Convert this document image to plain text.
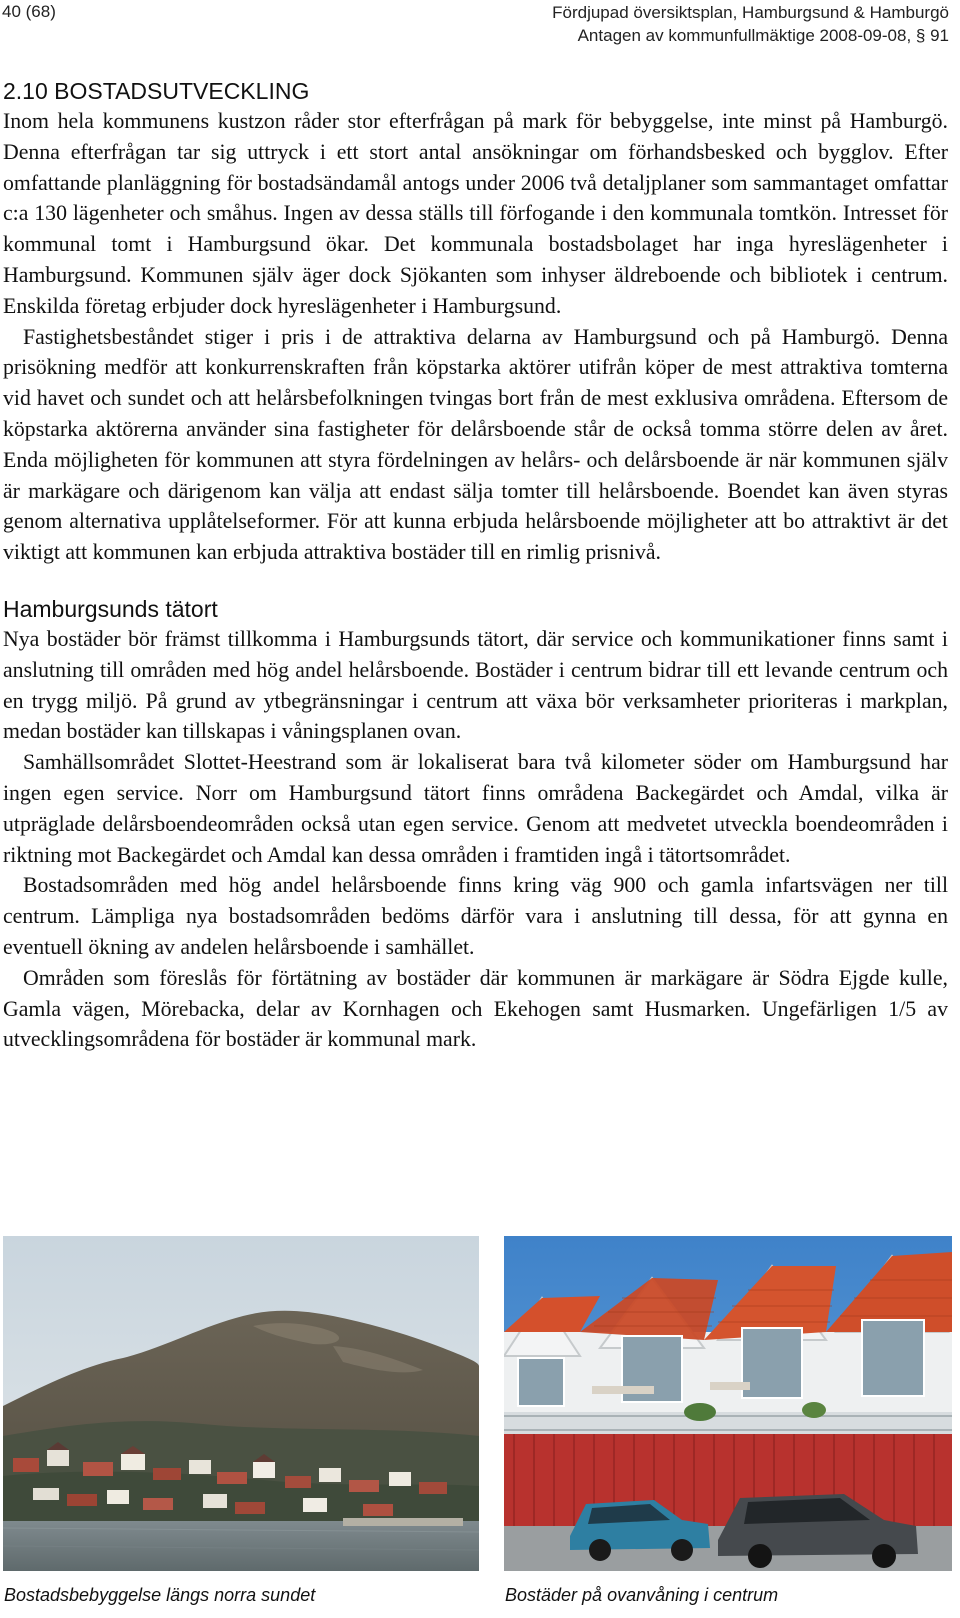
40 (68)	Fördjupad översiktsplan, Hamburgsund & Hamburgö
Antagen av kommunfullmäktige 2008-09-08, § 91
2.10 BOSTADSUTVECKLING

Inom hela kommunens kustzon råder stor efterfrågan på mark för bebyggelse, inte minst på Hamburgö. Denna efterfrågan tar sig uttryck i ett stort antal ansökningar om förhandsbesked och bygglov. Efter omfattande planläggning för bostadsändamål antogs under 2006 två detaljplaner som sammantaget omfattar c:a 130 lägenheter och småhus. Ingen av dessa ställs till förfogande i den kommunala tomtkön. Intresset för kommunal tomt i Hamburgsund ökar. Det kommunala bostadsbolaget har inga hyreslägenheter i Hamburgsund. Kommunen själv äger dock Sjökanten som inhyser äldreboende och bibliotek i centrum. Enskilda företag erbjuder dock hyreslägenheter i Hamburgsund.

Fastighetsbeståndet stiger i pris i de attraktiva delarna av Hamburgsund och på Hamburgö. Denna prisökning medför att konkurrenskraften från köpstarka aktörer utifrån köper de mest attraktiva tomterna vid havet och sundet och att helårsbefolkningen tvingas bort från de mest exklusiva områdena. Eftersom de köpstarka aktörerna använder sina fastigheter för delårsboende står de också tomma större delen av året. Enda möjligheten för kommunen att styra fördelningen av helårs- och delårsboende är när kommunen själv är markägare och därigenom kan välja att endast sälja tomter till helårsboende. Boendet kan även styras genom alternativa upplåtelseformer. För att kunna erbjuda helårsboende möjligheter att bo attraktivt är det viktigt att kommunen kan erbjuda attraktiva bostäder till en rimlig prisnivå.

Hamburgsunds tätort

Nya bostäder bör främst tillkomma i Hamburgsunds tätort, där service och kommunikationer finns samt i anslutning till områden med hög andel helårsboende. Bostäder i centrum bidrar till ett levande centrum och en trygg miljö. På grund av ytbegränsningar i centrum att växa bör verksamheter prioriteras i markplan, medan bostäder kan tillskapas i våningsplanen ovan.

Samhällsområdet Slottet-Heestrand som är lokaliserat bara två kilometer söder om Hamburgsund har ingen egen service. Norr om Hamburgsund tätort finns områdena Backegärdet och Amdal, vilka är utpräglade delårsboendeområden också utan egen service. Genom att medvetet utveckla boendeområden i riktning mot Backegärdet och Amdal kan dessa områden i framtiden ingå i tätortsområdet.

Bostadsområden med hög andel helårsboende finns kring väg 900 och gamla infartsvägen ner till centrum. Lämpliga nya bostadsområden bedöms därför vara i anslutning till dessa, för att gynna en eventuell ökning av andelen helårsboende i samhället.

Områden som föreslås för förtätning av bostäder där kommunen är markägare är Södra Ejgde kulle, Gamla vägen, Mörebacka, delar av Kornhagen och Ekehogen samt Husmarken. Ungefärligen 1/5 av utvecklingsområdena för bostäder är kommunal mark.

Bostadsbebyggelse längs norra sundet	Bostäder på ovanvåning i centrum
